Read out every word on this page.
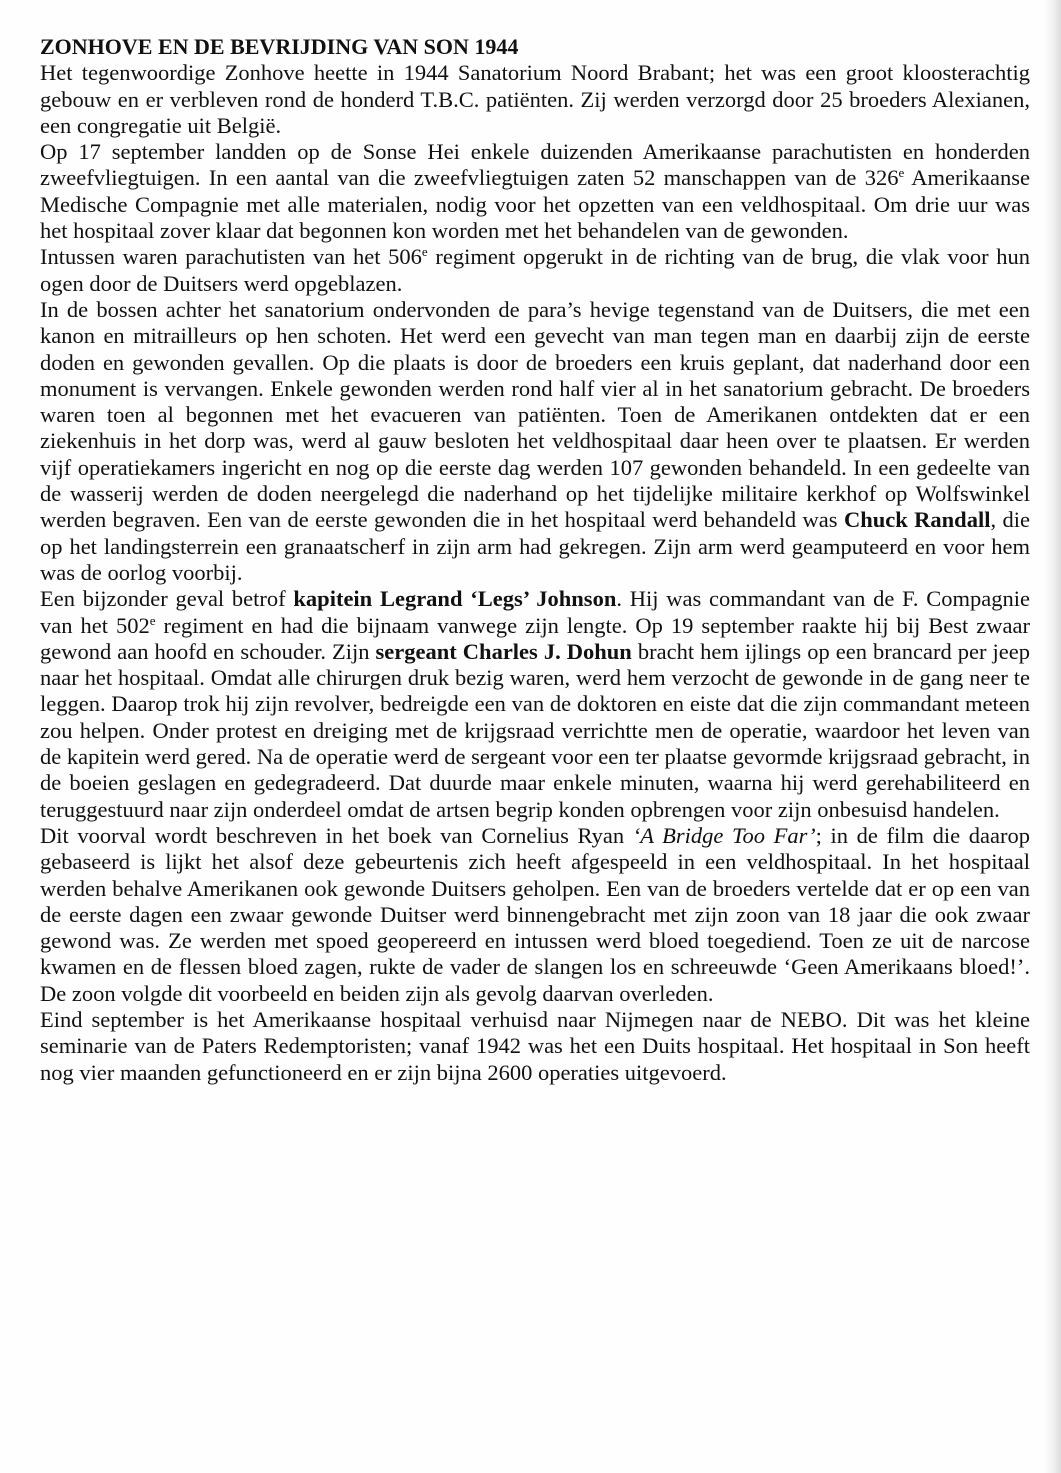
ZONHOVE EN DE BEVRIJDING VAN SON 1944

Het tegenwoordige Zonhove heette in 1944 Sanatorium Noord Brabant; het was een groot kloosterachtig gebouw en er verbleven rond de honderd T.B.C. patiënten. Zij werden verzorgd door 25 broeders Alexianen, een congregatie uit België.

Op 17 september landden op de Sonse Hei enkele duizenden Amerikaanse parachutisten en honderden zweefvliegtuigen. In een aantal van die zweefvliegtuigen zaten 52 manschappen van de 326e Amerikaanse Medische Compagnie met alle materialen, nodig voor het opzetten van een veldhospitaal. Om drie uur was het hospitaal zover klaar dat begonnen kon worden met het behandelen van de gewonden.

Intussen waren parachutisten van het 506e regiment opgerukt in de richting van de brug, die vlak voor hun ogen door de Duitsers werd opgeblazen.

In de bossen achter het sanatorium ondervonden de para’s hevige tegenstand van de Duitsers, die met een kanon en mitrailleurs op hen schoten. Het werd een gevecht van man tegen man en daarbij zijn de eerste doden en gewonden gevallen. Op die plaats is door de broeders een kruis geplant, dat naderhand door een monument is vervangen. Enkele gewonden werden rond half vier al in het sanatorium gebracht. De broeders waren toen al begonnen met het evacueren van patiënten. Toen de Amerikanen ontdekten dat er een ziekenhuis in het dorp was, werd al gauw besloten het veldhospitaal daar heen over te plaatsen. Er werden vijf operatiekamers ingericht en nog op die eerste dag werden 107 gewonden behandeld. In een gedeelte van de wasserij werden de doden neergelegd die naderhand op het tijdelijke militaire kerkhof op Wolfswinkel werden begraven. Een van de eerste gewonden die in het hospitaal werd behandeld was Chuck Randall, die op het landingsterrein een granaatscherf in zijn arm had gekregen. Zijn arm werd geamputeerd en voor hem was de oorlog voorbij.

Een bijzonder geval betrof kapitein Legrand ‘Legs’ Johnson. Hij was commandant van de F. Compagnie van het 502e regiment en had die bijnaam vanwege zijn lengte. Op 19 september raakte hij bij Best zwaar gewond aan hoofd en schouder. Zijn sergeant Charles J. Dohun bracht hem ijlings op een brancard per jeep naar het hospitaal. Omdat alle chirurgen druk bezig waren, werd hem verzocht de gewonde in de gang neer te leggen. Daarop trok hij zijn revolver, bedreigde een van de doktoren en eiste dat die zijn commandant meteen zou helpen. Onder protest en dreiging met de krijgsraad verrichtte men de operatie, waardoor het leven van de kapitein werd gered. Na de operatie werd de sergeant voor een ter plaatse gevormde krijgsraad gebracht, in de boeien geslagen en gedegradeerd. Dat duurde maar enkele minuten, waarna hij werd gerehabiliteerd en teruggestuurd naar zijn onderdeel omdat de artsen begrip konden opbrengen voor zijn onbesuisd handelen.

Dit voorval wordt beschreven in het boek van Cornelius Ryan ‘A Bridge Too Far’; in de film die daarop gebaseerd is lijkt het alsof deze gebeurtenis zich heeft afgespeeld in een veldhospitaal. In het hospitaal werden behalve Amerikanen ook gewonde Duitsers geholpen. Een van de broeders vertelde dat er op een van de eerste dagen een zwaar gewonde Duitser werd binnengebracht met zijn zoon van 18 jaar die ook zwaar gewond was. Ze werden met spoed geopereerd en intussen werd bloed toegediend. Toen ze uit de narcose kwamen en de flessen bloed zagen, rukte de vader de slangen los en schreeuwde ‘Geen Amerikaans bloed!’. De zoon volgde dit voorbeeld en beiden zijn als gevolg daarvan overleden.

Eind september is het Amerikaanse hospitaal verhuisd naar Nijmegen naar de NEBO. Dit was het kleine seminarie van de Paters Redemptoristen; vanaf 1942 was het een Duits hospitaal. Het hospitaal in Son heeft nog vier maanden gefunctioneerd en er zijn bijna 2600 operaties uitgevoerd.
